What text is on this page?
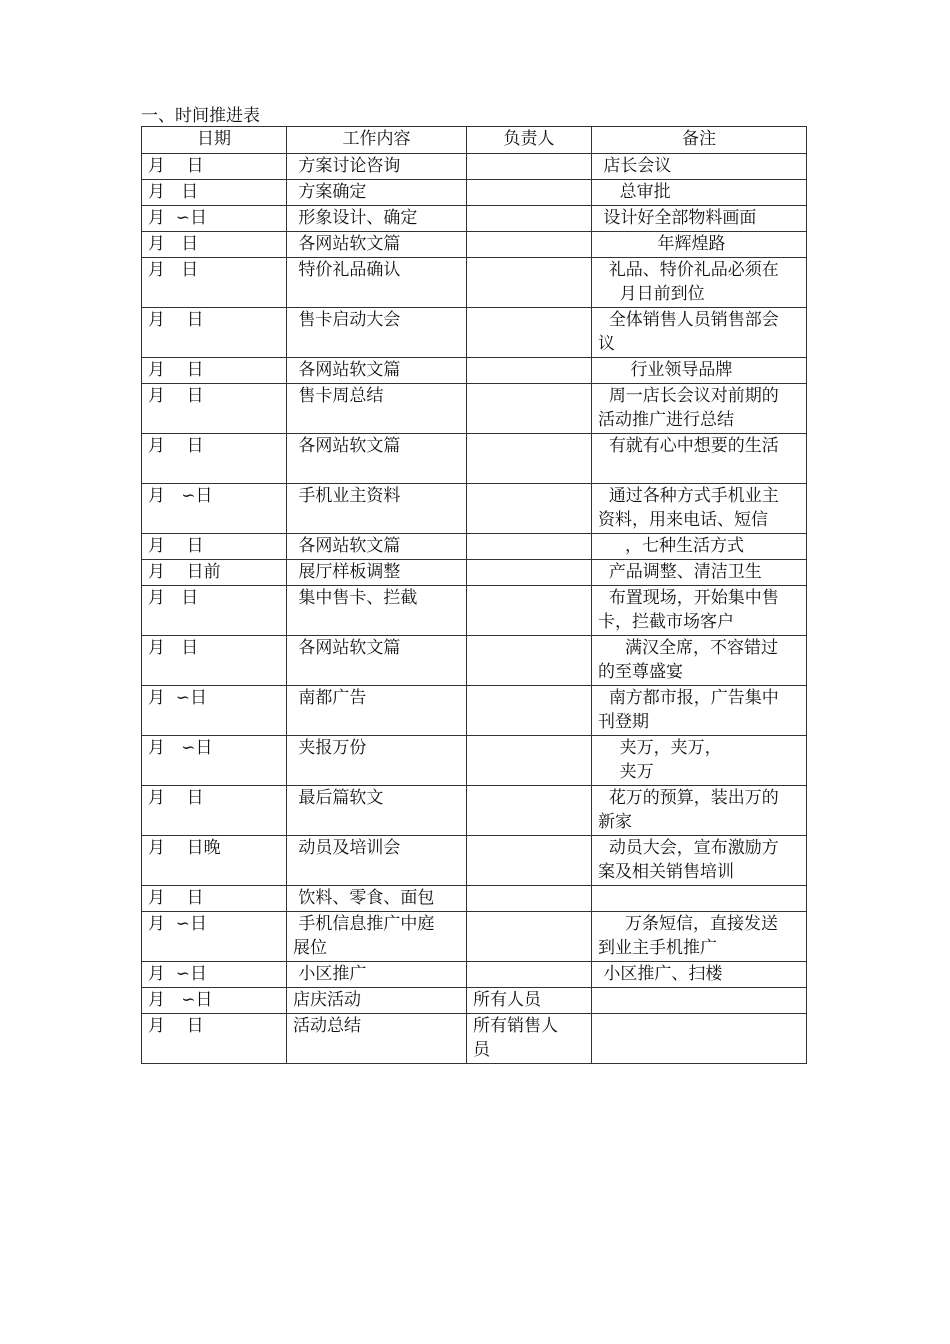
一、时间推进表
日期	工作内容	负责人	备注
月    日	方案讨论咨询		店长会议
月   日	方案确定		总审批
月  ∽日	形象设计、确定		设计好全部物料画面
月   日	各网站软文篇		年辉煌路
月   日	特价礼品确认		礼品、特价礼品必须在
月日前到位
月    日	售卡启动大会		全体销售人员销售部会
议
月    日	各网站软文篇		行业领导品牌
月    日	售卡周总结		周一店长会议对前期的
活动推广进行总结
月    日	各网站软文篇		有就有心中想要的生活
月   ∽日	手机业主资料		通过各种方式手机业主
资料，用来电话、短信
月    日	各网站软文篇		，七种生活方式
月    日前	展厅样板调整		产品调整、清洁卫生
月   日	集中售卡、拦截		布置现场，开始集中售
卡，拦截市场客户
月   日	各网站软文篇		满汉全席，不容错过
的至尊盛宴
月  ∽日	南都广告		南方都市报，广告集中
刊登期
月   ∽日	夹报万份		夹万，夹万，
夹万
月    日	最后篇软文		花万的预算，装出万的
新家
月    日晚	动员及培训会		动员大会，宣布激励方
案及相关销售培训
月    日	饮料、零食、面包		
月  ∽日	手机信息推广中庭
展位		万条短信，直接发送
到业主手机推广
月  ∽日	小区推广		小区推广、扫楼
月   ∽日	店庆活动	所有人员	
月    日	活动总结	所有销售人
员	
